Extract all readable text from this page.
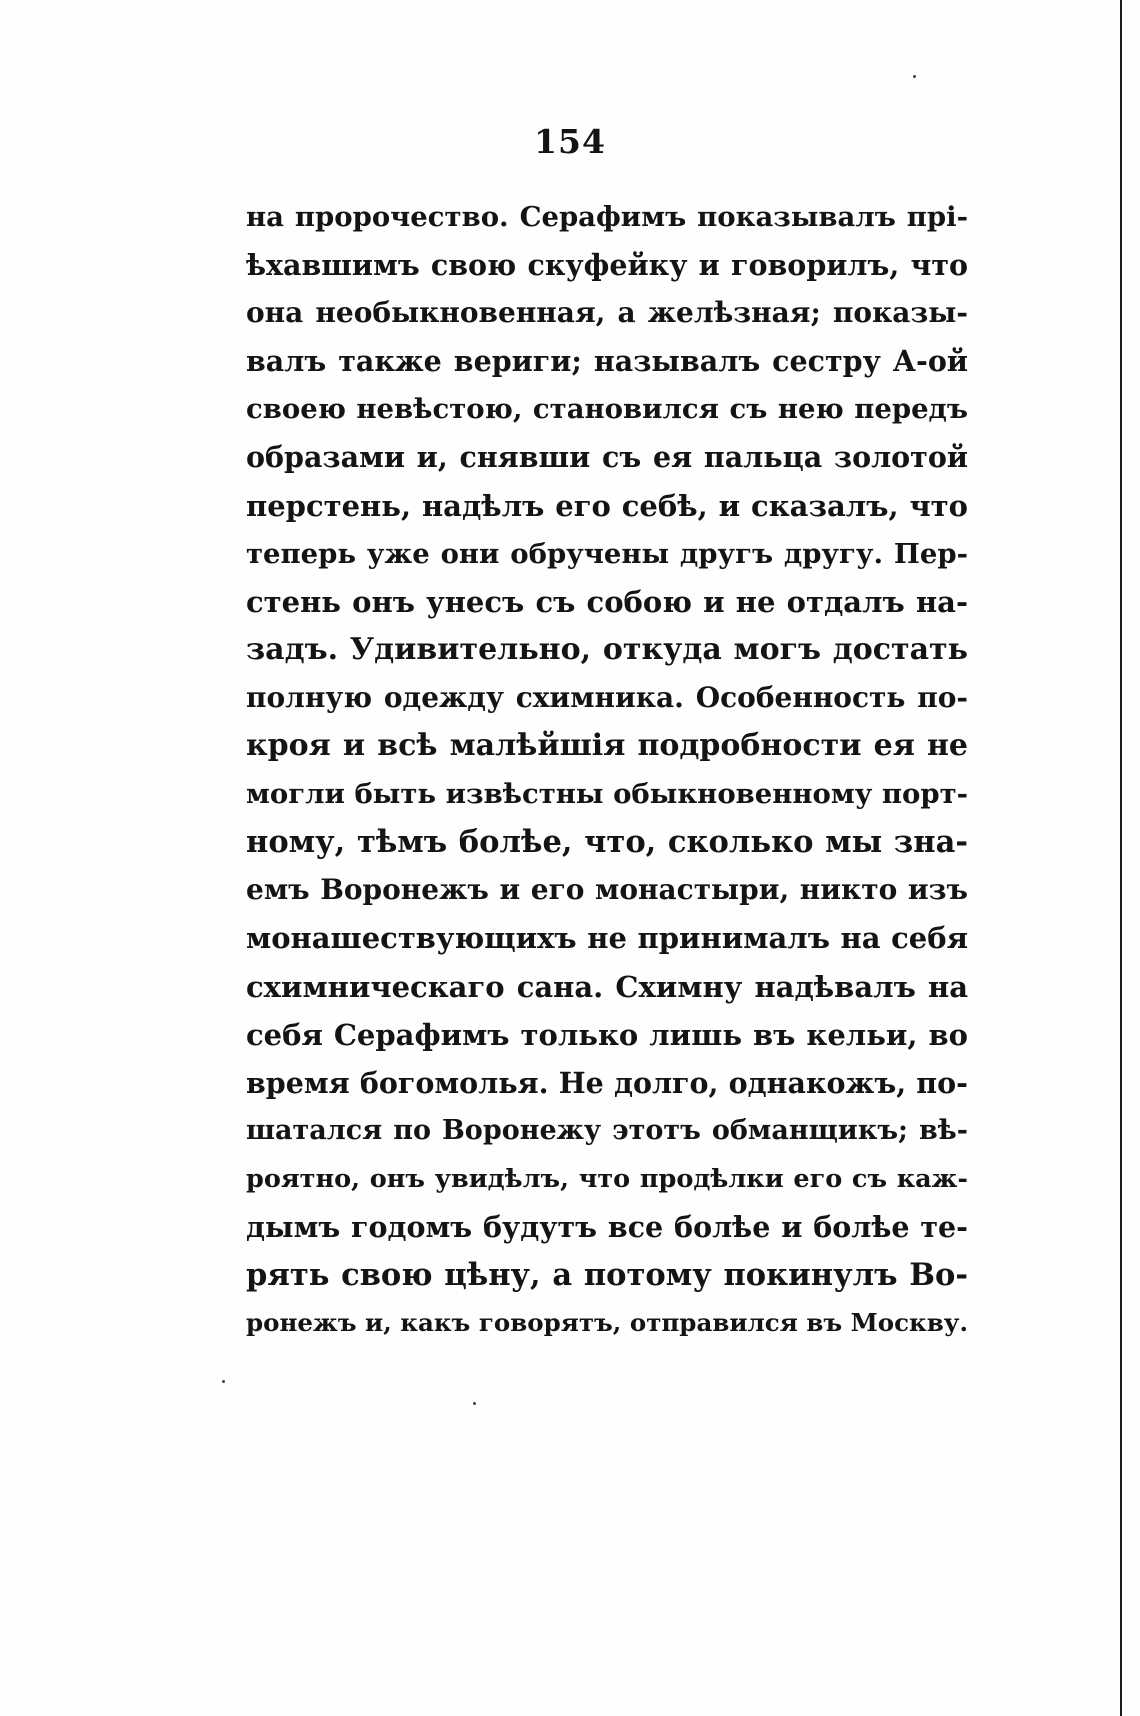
154
на пророчество. Серафимъ показывалъ прі-
ѣхавшимъ свою скуфейку и говорилъ, что
она необыкновенная, а желѣзная; показы-
валъ также вериги; называлъ сестру А-ой
своею невѣстою, становился съ нею передъ
образами и, снявши съ ея пальца золотой
перстень, надѣлъ его себѣ, и сказалъ, что
теперь уже они обручены другъ другу. Пер-
стень онъ унесъ съ собою и не отдалъ на-
задъ. Удивительно, откуда могъ достать
полную одежду схимника. Особенность по-
кроя и всѣ малѣйшія подробности ея не
могли быть извѣстны обыкновенному порт-
ному, тѣмъ болѣе, что, сколько мы зна-
емъ Воронежъ и его монастыри, никто изъ
монашествующихъ не принималъ на себя
схимническаго сана. Схимну надѣвалъ на
себя Серафимъ только лишь въ кельи, во
время богомолья. Не долго, однакожъ, по-
шатался по Воронежу этотъ обманщикъ; вѣ-
роятно, онъ увидѣлъ, что продѣлки его съ каж-
дымъ годомъ будутъ все болѣе и болѣе те-
рять свою цѣну, а потому покинулъ Во-
ронежъ и, какъ говорятъ, отправился въ Москву.
